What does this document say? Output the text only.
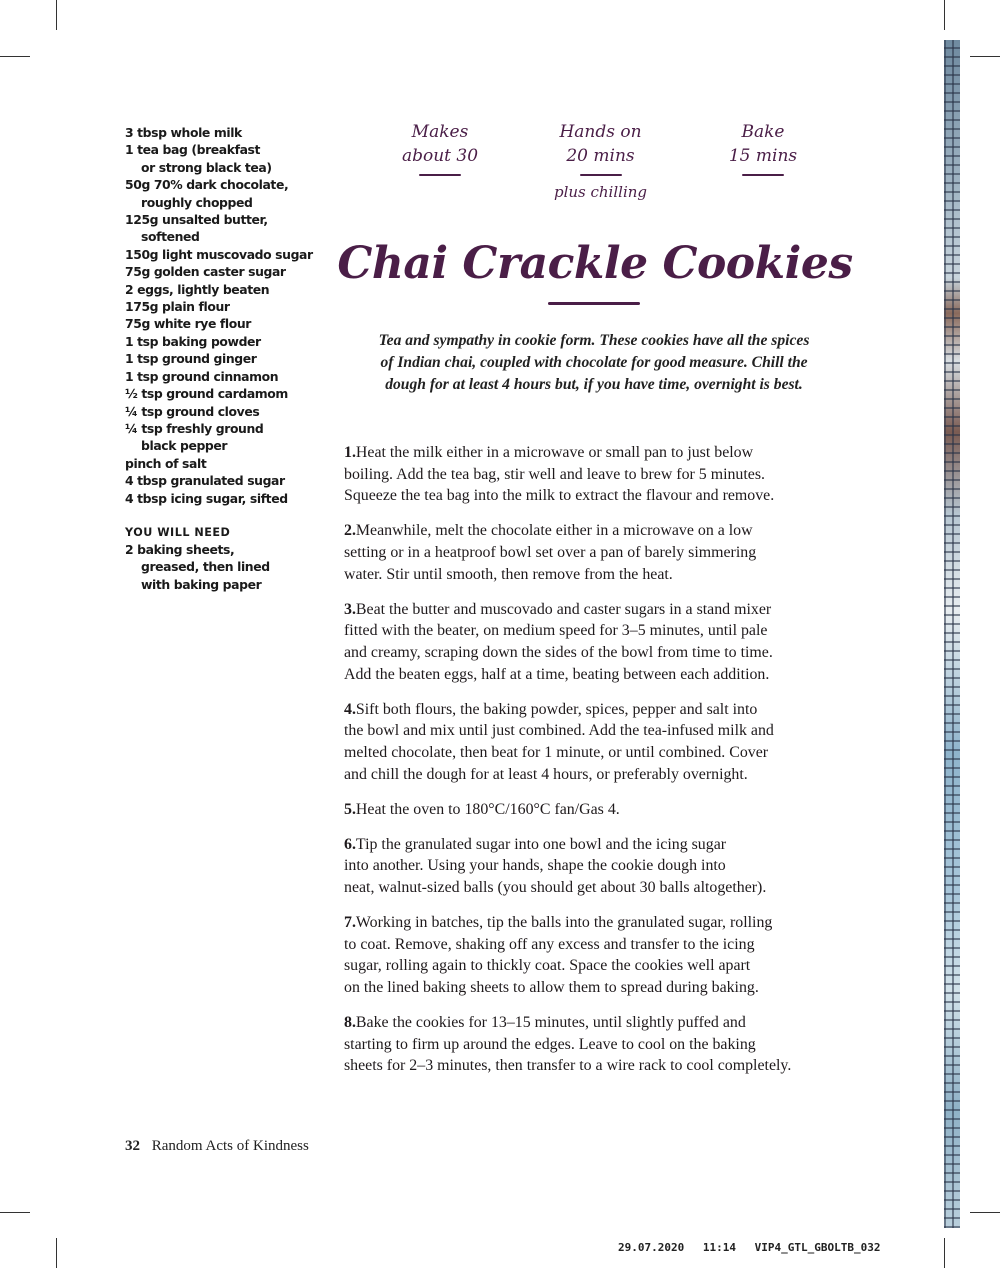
3 tbsp whole milk
1 tea bag (breakfast
or strong black tea)
50g 70% dark chocolate,
roughly chopped
125g unsalted butter,
softened
150g light muscovado sugar
75g golden caster sugar
2 eggs, lightly beaten
175g plain flour
75g white rye flour
1 tsp baking powder
1 tsp ground ginger
1 tsp ground cinnamon
½ tsp ground cardamom
¼ tsp ground cloves
¼ tsp freshly ground
black pepper
pinch of salt
4 tbsp granulated sugar
4 tbsp icing sugar, sifted
YOU WILL NEED
2 baking sheets,
greased, then lined
with baking paper
Makes
about 30
Hands on
20 mins
plus chilling
Bake
15 mins
Chai Crackle Cookies
Tea and sympathy in cookie form. These cookies have all the spices
of Indian chai, coupled with chocolate for good measure. Chill the
dough for at least 4 hours but, if you have time, overnight is best.
1.Heat the milk either in a microwave or small pan to just below
boiling. Add the tea bag, stir well and leave to brew for 5 minutes.
Squeeze the tea bag into the milk to extract the flavour and remove.
2.Meanwhile, melt the chocolate either in a microwave on a low
setting or in a heatproof bowl set over a pan of barely simmering
water. Stir until smooth, then remove from the heat.
3.Beat the butter and muscovado and caster sugars in a stand mixer
fitted with the beater, on medium speed for 3–5 minutes, until pale
and creamy, scraping down the sides of the bowl from time to time.
Add the beaten eggs, half at a time, beating between each addition.
4.Sift both flours, the baking powder, spices, pepper and salt into
the bowl and mix until just combined. Add the tea-infused milk and
melted chocolate, then beat for 1 minute, or until combined. Cover
and chill the dough for at least 4 hours, or preferably overnight.
5.Heat the oven to 180°C/160°C fan/Gas 4.
6.Tip the granulated sugar into one bowl and the icing sugar
into another. Using your hands, shape the cookie dough into
neat, walnut-sized balls (you should get about 30 balls altogether).
7.Working in batches, tip the balls into the granulated sugar, rolling
to coat. Remove, shaking off any excess and transfer to the icing
sugar, rolling again to thickly coat. Space the cookies well apart
on the lined baking sheets to allow them to spread during baking.
8.Bake the cookies for 13–15 minutes, until slightly puffed and
starting to firm up around the edges. Leave to cool on the baking
sheets for 2–3 minutes, then transfer to a wire rack to cool completely.
32 Random Acts of Kindness
29.07.2020 11:14 VIP4_GTL_GBOLTB_032
